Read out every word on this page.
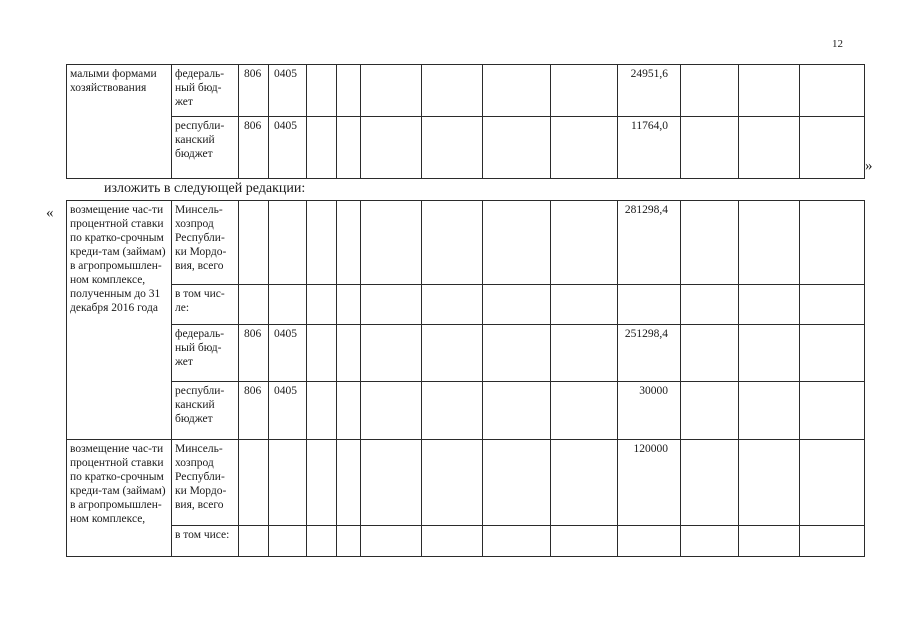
12
малыми формами хозяйствования	федераль-ный бюд-жет	806	0405							24951,6			
	республи-канский бюджет	806	0405							11764,0			
»
изложить в следующей редакции:
« возмещение час-ти процентной ставки по кратко-срочным креди-там (займам) в агропромышлен-ном комплексе, полученным до 31 декабря 2016 года	Минсель-хозпрод Республи-ки Мордо-вия, всего									281298,4			
	в том чис-ле:												
	федераль-ный бюд-жет	806	0405							251298,4			
	республи-канский бюджет	806	0405							30000			
возмещение час-ти процентной ставки по кратко-срочным креди-там (займам) в агропромышлен-ном комплексе,	Минсель-хозпрод Республи-ки Мордо-вия, всего									120000			
	в том чисе:												
